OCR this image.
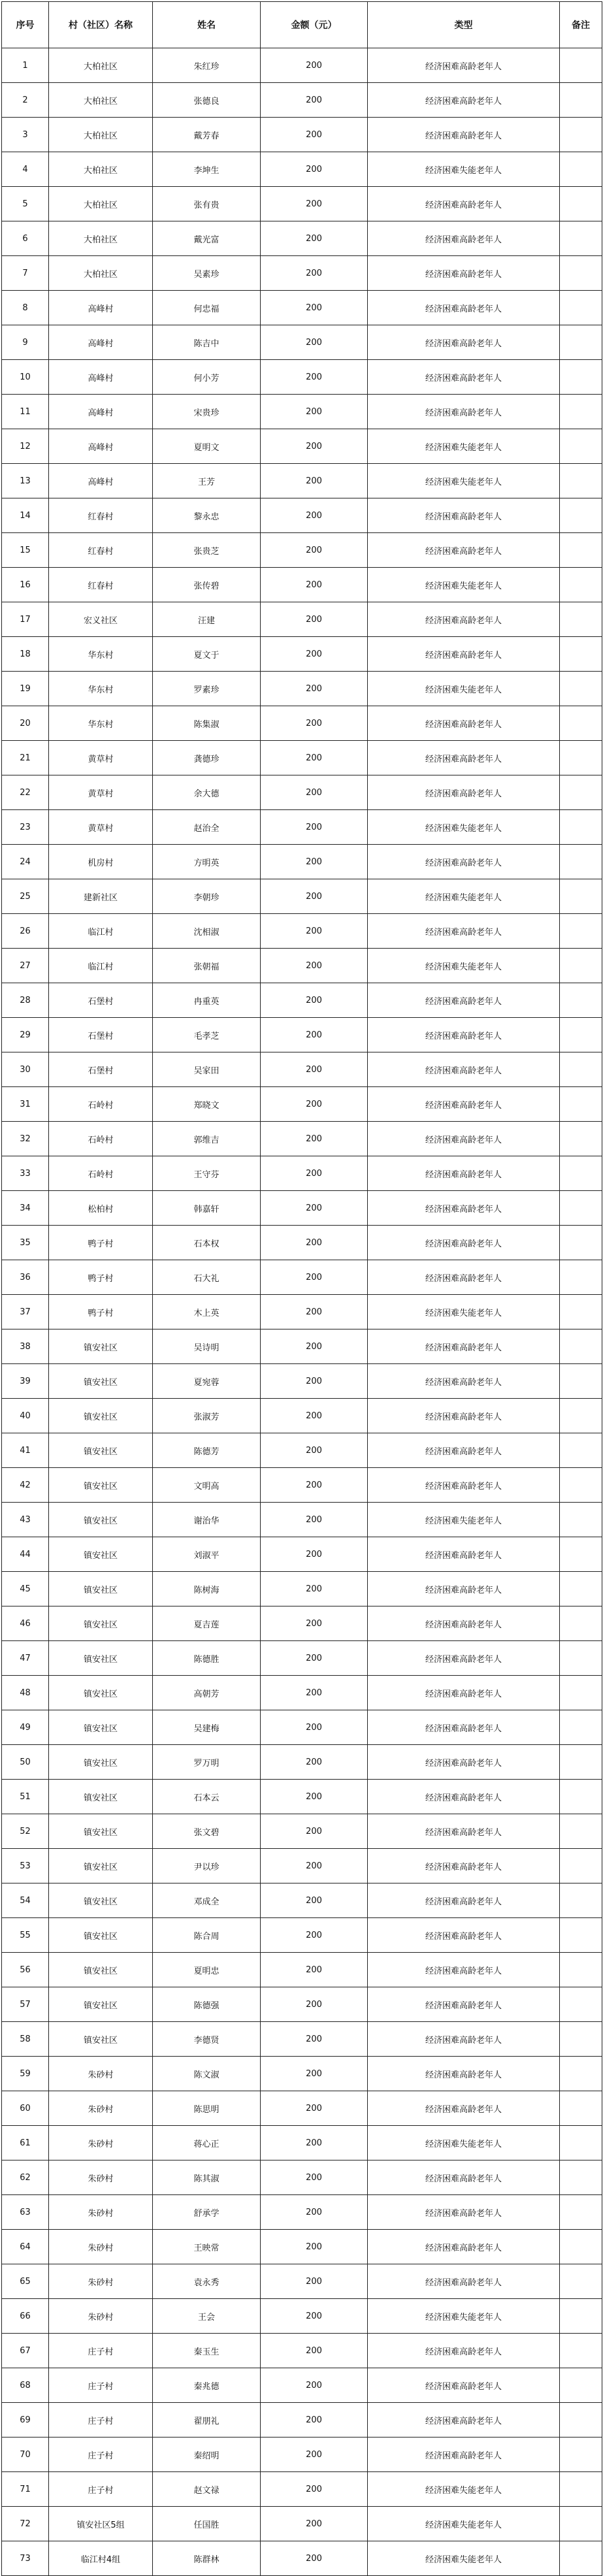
序号	村（社区）名称	姓名	金额（元）	类型	备注
1	大柏社区	朱红珍	200	经济困难高龄老年人	
2	大柏社区	张德良	200	经济困难高龄老年人	
3	大柏社区	戴芳春	200	经济困难高龄老年人	
4	大柏社区	李坤生	200	经济困难失能老年人	
5	大柏社区	张有贵	200	经济困难高龄老年人	
6	大柏社区	戴光富	200	经济困难高龄老年人	
7	大柏社区	吴素珍	200	经济困难高龄老年人	
8	高峰村	何忠福	200	经济困难高龄老年人	
9	高峰村	陈吉中	200	经济困难高龄老年人	
10	高峰村	何小芳	200	经济困难高龄老年人	
11	高峰村	宋贵珍	200	经济困难高龄老年人	
12	高峰村	夏明文	200	经济困难失能老年人	
13	高峰村	王芳	200	经济困难失能老年人	
14	红春村	黎永忠	200	经济困难高龄老年人	
15	红春村	张贵芝	200	经济困难高龄老年人	
16	红春村	张传碧	200	经济困难失能老年人	
17	宏义社区	汪建	200	经济困难高龄老年人	
18	华东村	夏文于	200	经济困难高龄老年人	
19	华东村	罗素珍	200	经济困难失能老年人	
20	华东村	陈集淑	200	经济困难高龄老年人	
21	黄草村	龚德珍	200	经济困难高龄老年人	
22	黄草村	余大德	200	经济困难高龄老年人	
23	黄草村	赵治全	200	经济困难失能老年人	
24	机房村	方明英	200	经济困难高龄老年人	
25	建新社区	李朝珍	200	经济困难失能老年人	
26	临江村	沈相淑	200	经济困难高龄老年人	
27	临江村	张朝福	200	经济困难失能老年人	
28	石堡村	冉重英	200	经济困难高龄老年人	
29	石堡村	毛孝芝	200	经济困难高龄老年人	
30	石堡村	吴家田	200	经济困难高龄老年人	
31	石岭村	郑晓文	200	经济困难高龄老年人	
32	石岭村	郭维吉	200	经济困难高龄老年人	
33	石岭村	王守芬	200	经济困难高龄老年人	
34	松柏村	韩嘉轩	200	经济困难高龄老年人	
35	鸭子村	石本权	200	经济困难高龄老年人	
36	鸭子村	石大礼	200	经济困难高龄老年人	
37	鸭子村	木上英	200	经济困难失能老年人	
38	镇安社区	吴诗明	200	经济困难高龄老年人	
39	镇安社区	夏宛蓉	200	经济困难高龄老年人	
40	镇安社区	张淑芳	200	经济困难高龄老年人	
41	镇安社区	陈德芳	200	经济困难高龄老年人	
42	镇安社区	文明高	200	经济困难高龄老年人	
43	镇安社区	谢治华	200	经济困难失能老年人	
44	镇安社区	刘淑平	200	经济困难高龄老年人	
45	镇安社区	陈树海	200	经济困难高龄老年人	
46	镇安社区	夏吉莲	200	经济困难高龄老年人	
47	镇安社区	陈德胜	200	经济困难高龄老年人	
48	镇安社区	高朝芳	200	经济困难高龄老年人	
49	镇安社区	吴建梅	200	经济困难高龄老年人	
50	镇安社区	罗万明	200	经济困难高龄老年人	
51	镇安社区	石本云	200	经济困难高龄老年人	
52	镇安社区	张文碧	200	经济困难高龄老年人	
53	镇安社区	尹以珍	200	经济困难高龄老年人	
54	镇安社区	邓成全	200	经济困难高龄老年人	
55	镇安社区	陈合周	200	经济困难高龄老年人	
56	镇安社区	夏明忠	200	经济困难高龄老年人	
57	镇安社区	陈德强	200	经济困难高龄老年人	
58	镇安社区	李德贤	200	经济困难高龄老年人	
59	朱砂村	陈文淑	200	经济困难高龄老年人	
60	朱砂村	陈思明	200	经济困难高龄老年人	
61	朱砂村	蒋心正	200	经济困难失能老年人	
62	朱砂村	陈其淑	200	经济困难高龄老年人	
63	朱砂村	舒承学	200	经济困难高龄老年人	
64	朱砂村	王映常	200	经济困难高龄老年人	
65	朱砂村	袁永秀	200	经济困难高龄老年人	
66	朱砂村	王会	200	经济困难失能老年人	
67	庄子村	秦玉生	200	经济困难高龄老年人	
68	庄子村	秦兆德	200	经济困难高龄老年人	
69	庄子村	翟朋礼	200	经济困难高龄老年人	
70	庄子村	秦绍明	200	经济困难高龄老年人	
71	庄子村	赵文禄	200	经济困难失能老年人	
72	镇安社区5组	任国胜	200	经济困难失能老年人	
73	临江村4组	陈群林	200	经济困难失能老年人	
